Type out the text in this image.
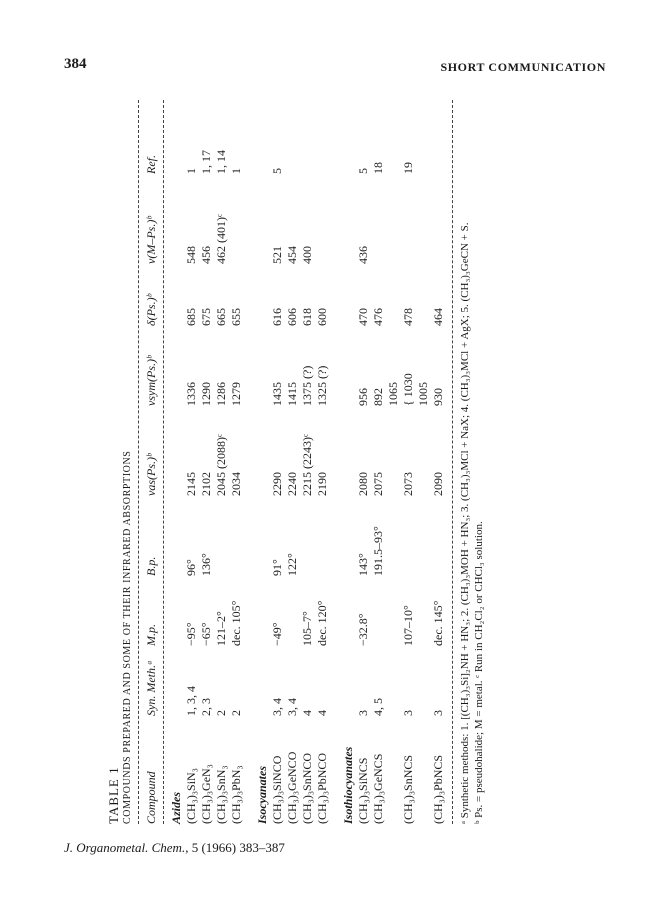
384	SHORT COMMUNICATION
TABLE 1 COMPOUNDS PREPARED AND SOME OF THEIR INFRARED ABSORPTIONS Compound
Syn. Meth.ᵃ
M.p.
B.p.
νas(Ps.)ᵇ
νsym(Ps.)ᵇ
δ(Ps.)ᵇ
ν(M–Ps.)ᵇ
Ref.
Azides (CH₃)₃SiN₃
1, 3, 4
−95°
96°
2145
1336
685
548
1
(CH₃)₃GeN₃
2, 3
−65°
136°
2102
1290
675
456
1, 17
(CH₃)₃SnN₃
2
121–2°
2045 (2088)ᶜ
1286
665
462 (401)ᶜ
1, 14
(CH₃)₃PbN₃
2
dec. 105°
2034
1279
655
1
Isocyanates (CH₃)₃SiNCO
3, 4
−49°
91°
2290
1435
616
521
5
(CH₃)₃GeNCO
3, 4
122°
2240
1415
606
454
(CH₃)₃SnNCO
4
105–7°
2215 (2243)ᶜ
1375 (?)
618
400
(CH₃)₃PbNCO
4
dec. 120°
2190
1325 (?)
600
Isothiocyanates (CH₃)₃SiNCS
3
−32.8°
143°
2080
956
470
436
5
(CH₃)₃GeNCS
4, 5
191.5–93°
2075
892
476
18
1065
(CH₃)₃SnNCS
3
107–10°
2073
{ 1030
478
19
1005
(CH₃)₃PbNCS
3
dec. 145°
2090
930
464 ᵃ Synthetic methods: 1. [(CH₃)₃Si]₂NH + HN₃; 2. (CH₃)₃MOH + HN₃; 3. (CH₃)₃MCl + NaX; 4. (CH₃)₃MCl + AgX; 5. (CH₃)₃GeCN + S. ᵇ Ps. = pseudohalide; M = metal. ᶜ Run in CH₂Cl₂ or CHCl₃ solution.
J. Organometal. Chem., 5 (1966) 383–387
